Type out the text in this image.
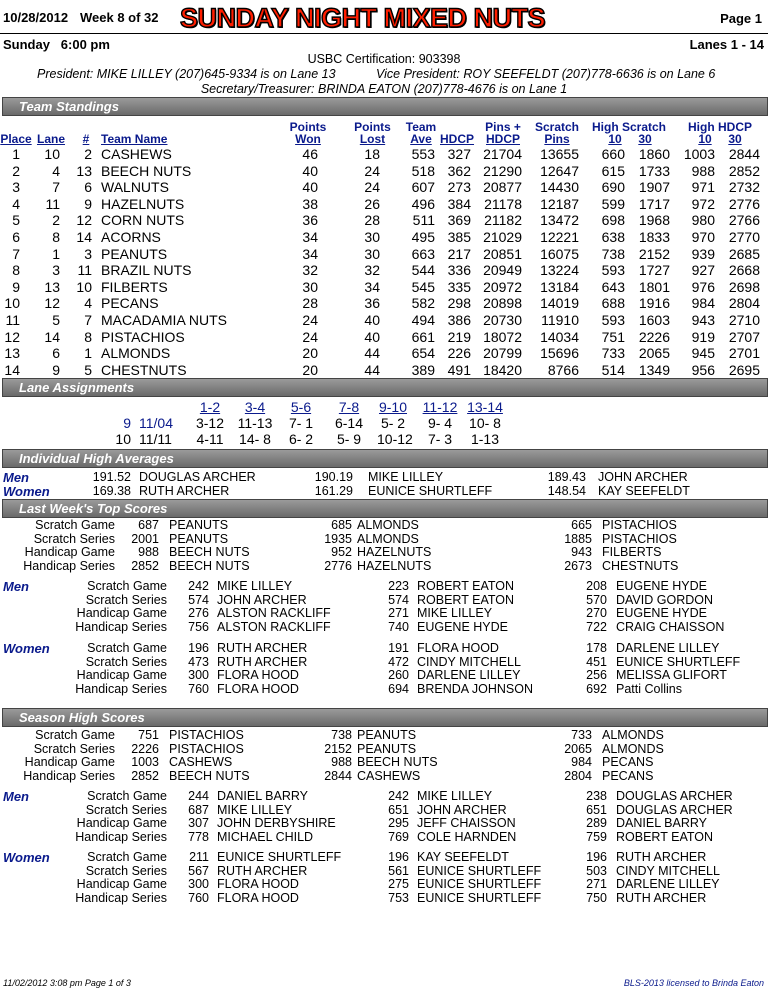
10/28/2012 Week 8 of 32 SUNDAY NIGHT MIXED NUTS	Page 1
Sunday   6:00 pm	Lanes 1 - 14
USBC Certification: 903398
President: MIKE LILLEY (207)645-9334 is on Lane 13	Vice President: ROY SEEFELDT (207)778-6636 is on Lane 6
Secretary/Treasurer: BRINDA EATON (207)778-4676 is on Lane 1
Team Standings
Points
Won
Points
Lost
Team
Ave HDCP
Pins +
HDCP
Scratch
Pins
High Scratch
10	30
High HDCP
10	30
Place Lane # Team Name
1 10 2 CASHEWS	46	18 553 327 21704 13655 660 1860 1003 2844
2 4 13 BEECH NUTS	40	24 518 362 21290 12647 615 1733 988 2852
3 7 6 WALNUTS	40	24 607 273 20877 14430 690 1907 971 2732
4 11 9 HAZELNUTS	38	26 496 384 21178 12187 599 1717 972 2776
5 2 12 CORN NUTS	36	28 511 369 21182 13472 698 1968 980 2766
6 8 14 ACORNS	34	30 495 385 21029 12221 638 1833 970 2770
7 1 3 PEANUTS	34	30 663 217 20851 16075 738 2152 939 2685
8 3 11 BRAZIL NUTS	32	32 544 336 20949 13224 593 1727 927 2668
9 13 10 FILBERTS	30	34 545 335 20972 13184 643 1801 976 2698
10 12 4 PECANS	28	36 582 298 20898 14019 688 1916 984 2804
11 5 7 MACADAMIA NUTS	24	40 494 386 20730 11910 593 1603 943 2710
12 14 8 PISTACHIOS	24	40 661 219 18072 14034 751 2226 919 2707
13 6 1 ALMONDS	20	44 654 226 20799 15696 733 2065 945 2701
14 9 5 CHESTNUTS	20	44 389 491 18420 8766 514 1349 956 2695
Lane Assignments
1-2	3-4	5-6	7-8	9-10 11-12 13-14
9 11/04 3-12 11-13 7- 1 6-14 5- 2	9- 4	10- 8
10 11/11 4-11 14- 8 6- 2	5- 9	10-12	7- 3	1-13
Individual High Averages
Men	191.52 DOUGLAS ARCHER	190.19 MIKE LILLEY	189.43 JOHN ARCHER
Women	169.38 RUTH ARCHER	161.29 EUNICE SHURTLEFF	148.54 KAY SEEFELDT
Last Week's Top Scores
Scratch Game 687 PEANUTS	685 ALMONDS	665 PISTACHIOS
Scratch Series 2001 PEANUTS	1935 ALMONDS	1885 PISTACHIOS
Handicap Game 988 BEECH NUTS	952 HAZELNUTS	943 FILBERTS
Handicap Series 2852 BEECH NUTS	2776 HAZELNUTS	2673 CHESTNUTS
Men	Scratch Game 242 MIKE LILLEY	223 ROBERT EATON	208 EUGENE HYDE
Scratch Series 574 JOHN ARCHER	574 ROBERT EATON	570 DAVID GORDON
Handicap Game 276 ALSTON RACKLIFF	271 MIKE LILLEY	270 EUGENE HYDE
Handicap Series 756 ALSTON RACKLIFF	740 EUGENE HYDE	722 CRAIG CHAISSON
Women	Scratch Game 196 RUTH ARCHER	191 FLORA HOOD	178 DARLENE LILLEY
Scratch Series 473 RUTH ARCHER	472 CINDY MITCHELL	451 EUNICE SHURTLEFF
Handicap Game 300 FLORA HOOD	260 DARLENE LILLEY	256 MELISSA GLIFORT
Handicap Series 760 FLORA HOOD	694 BRENDA JOHNSON	692 Patti Collins
Season High Scores
Scratch Game 751 PISTACHIOS	738 PEANUTS	733 ALMONDS
Scratch Series 2226 PISTACHIOS	2152 PEANUTS	2065 ALMONDS
Handicap Game 1003 CASHEWS	988 BEECH NUTS	984 PECANS
Handicap Series 2852 BEECH NUTS	2844 CASHEWS	2804 PECANS
Men	Scratch Game 244 DANIEL BARRY	242 MIKE LILLEY	238 DOUGLAS ARCHER
Scratch Series 687 MIKE LILLEY	651 JOHN ARCHER	651 DOUGLAS ARCHER
Handicap Game 307 JOHN DERBYSHIRE	295 JEFF CHAISSON	289 DANIEL BARRY
Handicap Series 778 MICHAEL CHILD	769 COLE HARNDEN	759 ROBERT EATON
Women	Scratch Game 211 EUNICE SHURTLEFF	196 KAY SEEFELDT	196 RUTH ARCHER
Scratch Series 567 RUTH ARCHER	561 EUNICE SHURTLEFF	503 CINDY MITCHELL
Handicap Game 300 FLORA HOOD	275 EUNICE SHURTLEFF	271 DARLENE LILLEY
Handicap Series 760 FLORA HOOD	753 EUNICE SHURTLEFF	750 RUTH ARCHER
11/02/2012 3:08 pm Page 1 of 3	BLS-2013 licensed to Brinda Eaton
